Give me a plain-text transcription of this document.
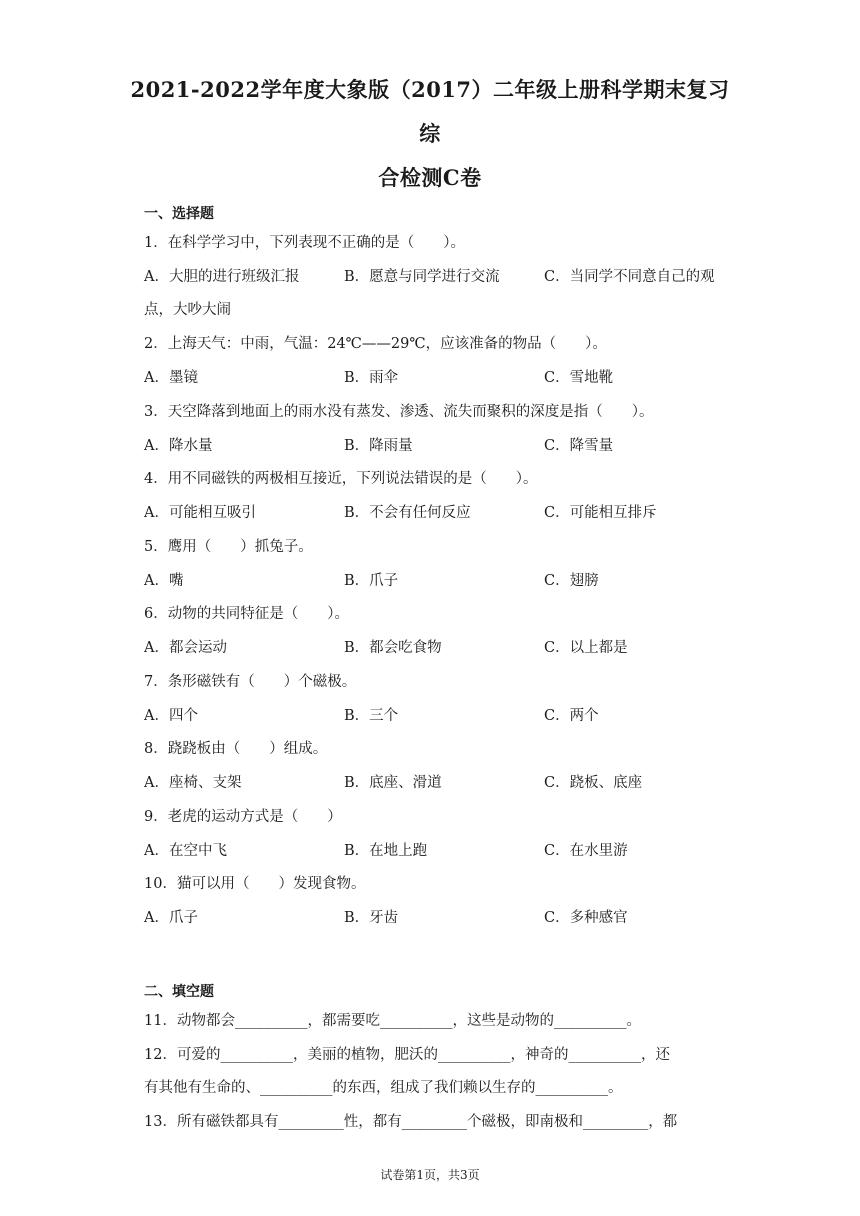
2021-2022学年度大象版（2017）二年级上册科学期末复习综
合检测C卷
一、选择题
1．在科学学习中，下列表现不正确的是（　　）。
A．大胆的进行班级汇报	B．愿意与同学进行交流	C．当同学不同意自己的观
点，大吵大闹
2．上海天气：中雨，气温：24℃——29℃，应该准备的物品（　　）。
A．墨镜	B．雨伞	C．雪地靴
3．天空降落到地面上的雨水没有蒸发、渗透、流失而聚积的深度是指（　　）。
A．降水量	B．降雨量	C．降雪量
4．用不同磁铁的两极相互接近，下列说法错误的是（　　）。
A．可能相互吸引	B．不会有任何反应	C．可能相互排斥
5．鹰用（　　）抓兔子。
A．嘴	B．爪子	C．翅膀
6．动物的共同特征是（　　）。
A．都会运动	B．都会吃食物	C．以上都是
7．条形磁铁有（　　）个磁极。
A．四个	B．三个	C．两个
8．跷跷板由（　　）组成。
A．座椅、支架	B．底座、滑道	C．跷板、底座
9．老虎的运动方式是（　　）
A．在空中飞	B．在地上跑	C．在水里游
10．猫可以用（　　）发现食物。
A．爪子	B．牙齿	C．多种感官
二、填空题
11．动物都会__________，都需要吃__________，这些是动物的__________。
12．可爱的__________，美丽的植物，肥沃的__________，神奇的__________，还
有其他有生命的、__________的东西，组成了我们赖以生存的__________。
13．所有磁铁都具有_________性，都有_________个磁极，即南极和_________，都
试卷第1页，共3页
